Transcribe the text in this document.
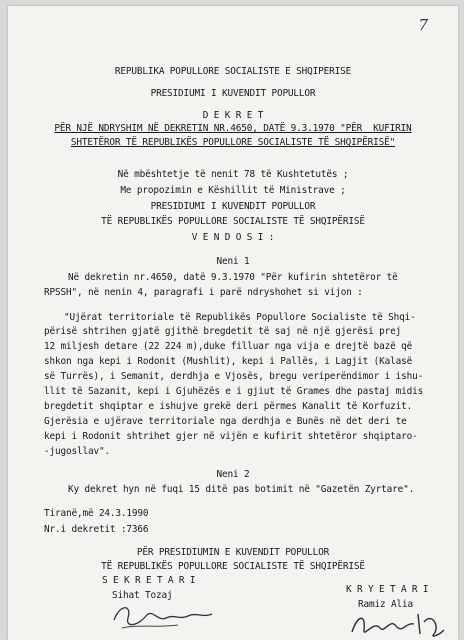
7
REPUBLIKA POPULLORE SOCIALISTE E SHQIPERISE
PRESIDIUMI I KUVENDIT POPULLOR
D E K R E T
PËR NJË NDRYSHIM NË DEKRETIN NR.4650, DATË 9.3.1970 "PËR  KUFIRIN
SHTETËROR TË REPUBLIKËS POPULLORE SOCIALISTE TË SHQIPËRISË"
Në mbështetje të nenit 78 të Kushtetutës ;
Me propozimin e Këshillit të Ministrave ;
PRESIDIUMI I KUVENDIT POPULLOR
TË REPUBLIKËS POPULLORE SOCIALISTE TË SHQIPËRISË
V E N D O S I :
Neni 1
Në dekretin nr.4650, datë 9.3.1970 "Për kufirin shtetëror të
RPSSH", në nenin 4, paragrafi i parë ndryshohet si vijon :
"Ujërat territoriale të Republikës Popullore Socialiste të Shqi-
përisë shtrihen gjatë gjithë bregdetit të saj në një gjerësi prej
12 miljesh detare (22 224 m),duke filluar nga vija e drejtë bazë që
shkon nga kepi i Rodonit (Mushlit), kepi i Pallës, i Lagjit (Kalasë
së Turrës), i Semanit, derdhja e Vjosës, bregu veriperëndimor i ishu-
llit të Sazanit, kepi i Gjuhëzës e i gjiut të Grames dhe pastaj midis
bregdetit shqiptar e ishujve grekë deri përmes Kanalit të Korfuzit.
Gjerësia e ujërave territoriale nga derdhja e Bunës në det deri te
kepi i Rodonit shtrihet gjer në vijën e kufirit shtetëror shqiptaro-
-jugosllav".
Neni 2
Ky dekret hyn në fuqi 15 ditë pas botimit në "Gazetën Zyrtare".
Tiranë,më 24.3.1990
Nr.i dekretit :7366
PËR PRESIDIUMIN E KUVENDIT POPULLOR
TË REPUBLIKËS POPULLORE SOCIALISTE TË SHQIPËRISË
S E K R E T A R I
K R Y E T A R I
Sihat Tozaj
Ramiz Alia
